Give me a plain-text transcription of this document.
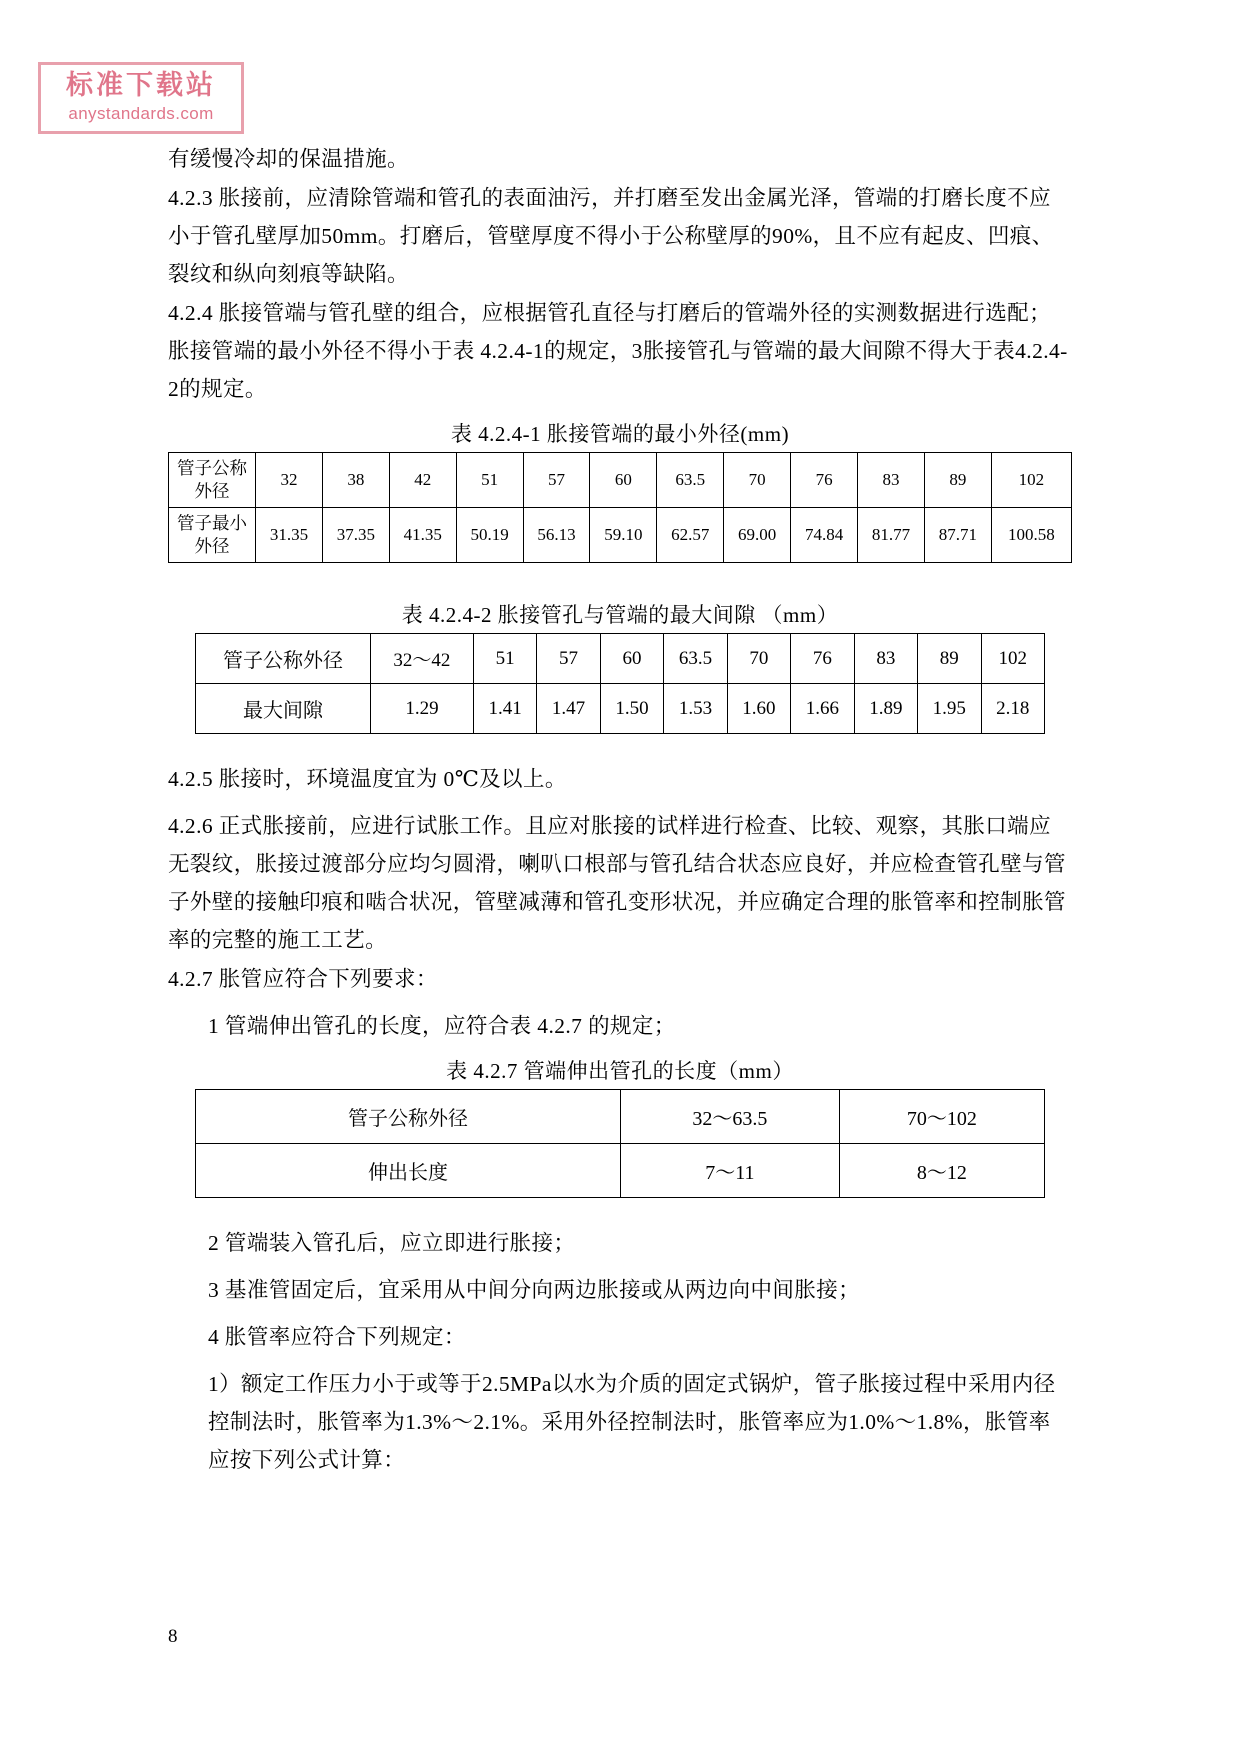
标准下载站
anystandards.com

有缓慢冷却的保温措施。

4.2.3 胀接前，应清除管端和管孔的表面油污，并打磨至发出金属光泽，管端的打磨长度不应小于管孔壁厚加50mm。打磨后，管壁厚度不得小于公称壁厚的90%，且不应有起皮、凹痕、裂纹和纵向刻痕等缺陷。

4.2.4 胀接管端与管孔壁的组合，应根据管孔直径与打磨后的管端外径的实测数据进行选配；胀接管端的最小外径不得小于表 4.2.4-1的规定，3胀接管孔与管端的最大间隙不得大于表4.2.4-2的规定。

表 4.2.4-1 胀接管端的最小外径(mm)
管子公称外径	32	38	42	51	57	60	63.5	70	76	83	89	102
管子最小外径	31.35	37.35	41.35	50.19	56.13	59.10	62.57	69.00	74.84	81.77	87.71	100.58
表 4.2.4-2 胀接管孔与管端的最大间隙 （mm）
管子公称外径	32～42	51	57	60	63.5	70	76	83	89	102
最大间隙	1.29	1.41	1.47	1.50	1.53	1.60	1.66	1.89	1.95	2.18

4.2.5 胀接时，环境温度宜为 0℃及以上。

4.2.6 正式胀接前，应进行试胀工作。且应对胀接的试样进行检查、比较、观察，其胀口端应无裂纹，胀接过渡部分应均匀圆滑，喇叭口根部与管孔结合状态应良好，并应检查管孔壁与管子外壁的接触印痕和啮合状况，管壁减薄和管孔变形状况，并应确定合理的胀管率和控制胀管率的完整的施工工艺。

4.2.7 胀管应符合下列要求：

1 管端伸出管孔的长度，应符合表 4.2.7 的规定；

表 4.2.7 管端伸出管孔的长度（mm）
管子公称外径	32～63.5	70～102
伸出长度	7～11	8～12

2 管端装入管孔后，应立即进行胀接；

3 基准管固定后，宜采用从中间分向两边胀接或从两边向中间胀接；

4 胀管率应符合下列规定：

1）额定工作压力小于或等于2.5MPa以水为介质的固定式锅炉，管子胀接过程中采用内径控制法时，胀管率为1.3%～2.1%。采用外径控制法时，胀管率应为1.0%～1.8%，胀管率应按下列公式计算：

8
